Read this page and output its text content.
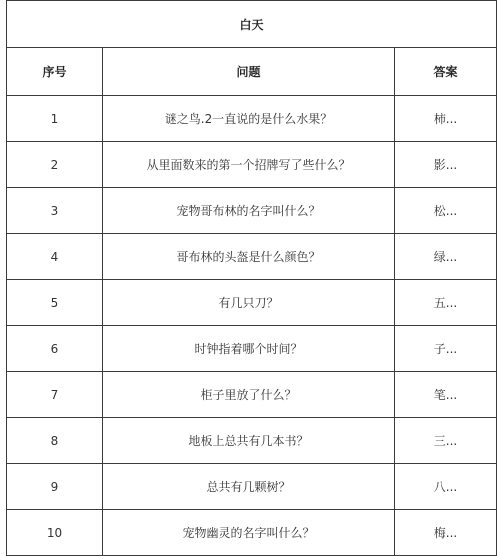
白天		
序号	问题	答案
1	谜之鸟.2一直说的是什么水果？	柿...
2	从里面数来的第一个招牌写了些什么？	影...
3	宠物哥布林的名字叫什么？	松...
4	哥布林的头盔是什么颜色？	绿...
5	有几只刀？	五...
6	时钟指着哪个时间？	子...
7	柜子里放了什么？	笔...
8	地板上总共有几本书？	三...
9	总共有几颗树？	八...
10	宠物幽灵的名字叫什么？	梅...
